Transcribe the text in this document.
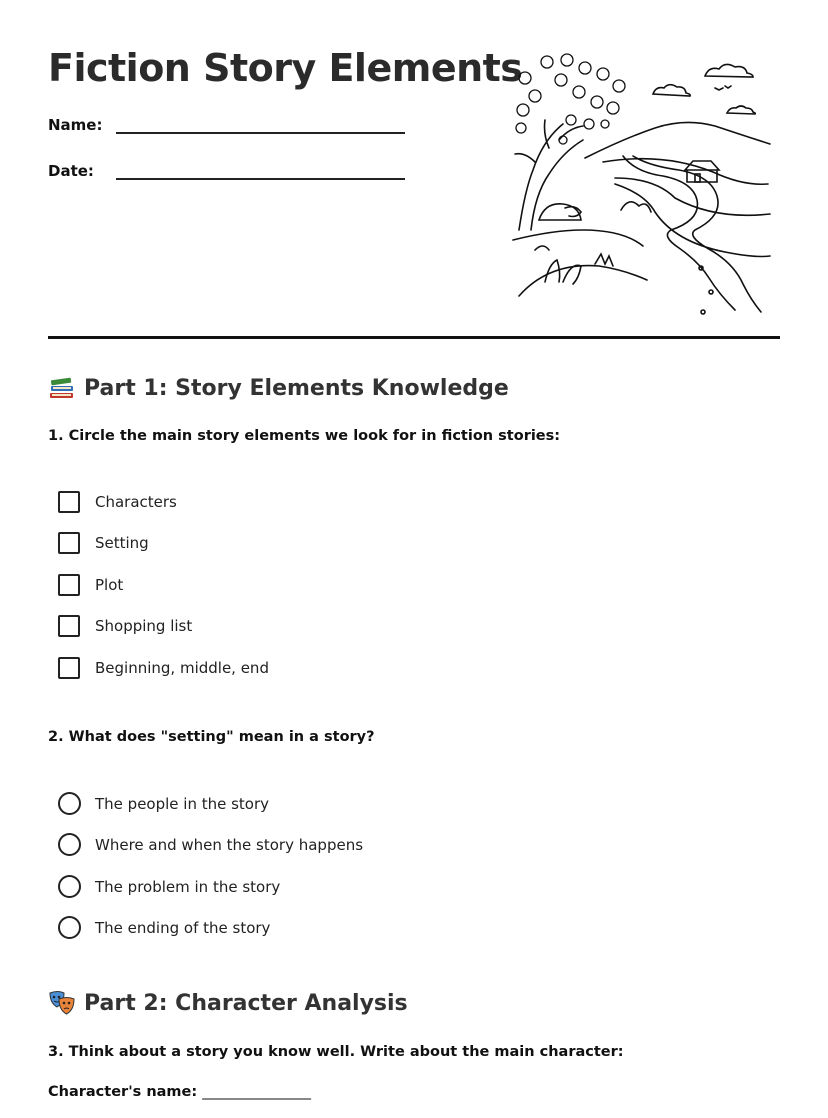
Fiction Story Elements
Name:
Date:
Part 1: Story Elements Knowledge

1. Circle the main story elements we look for in fiction stories:

Characters
Setting
Plot
Shopping list
Beginning, middle, end

2. What does "setting" mean in a story?

The people in the story
Where and when the story happens
The problem in the story
The ending of the story
Part 2: Character Analysis

3. Think about a story you know well. Write about the main character:

Character's name: _______________
